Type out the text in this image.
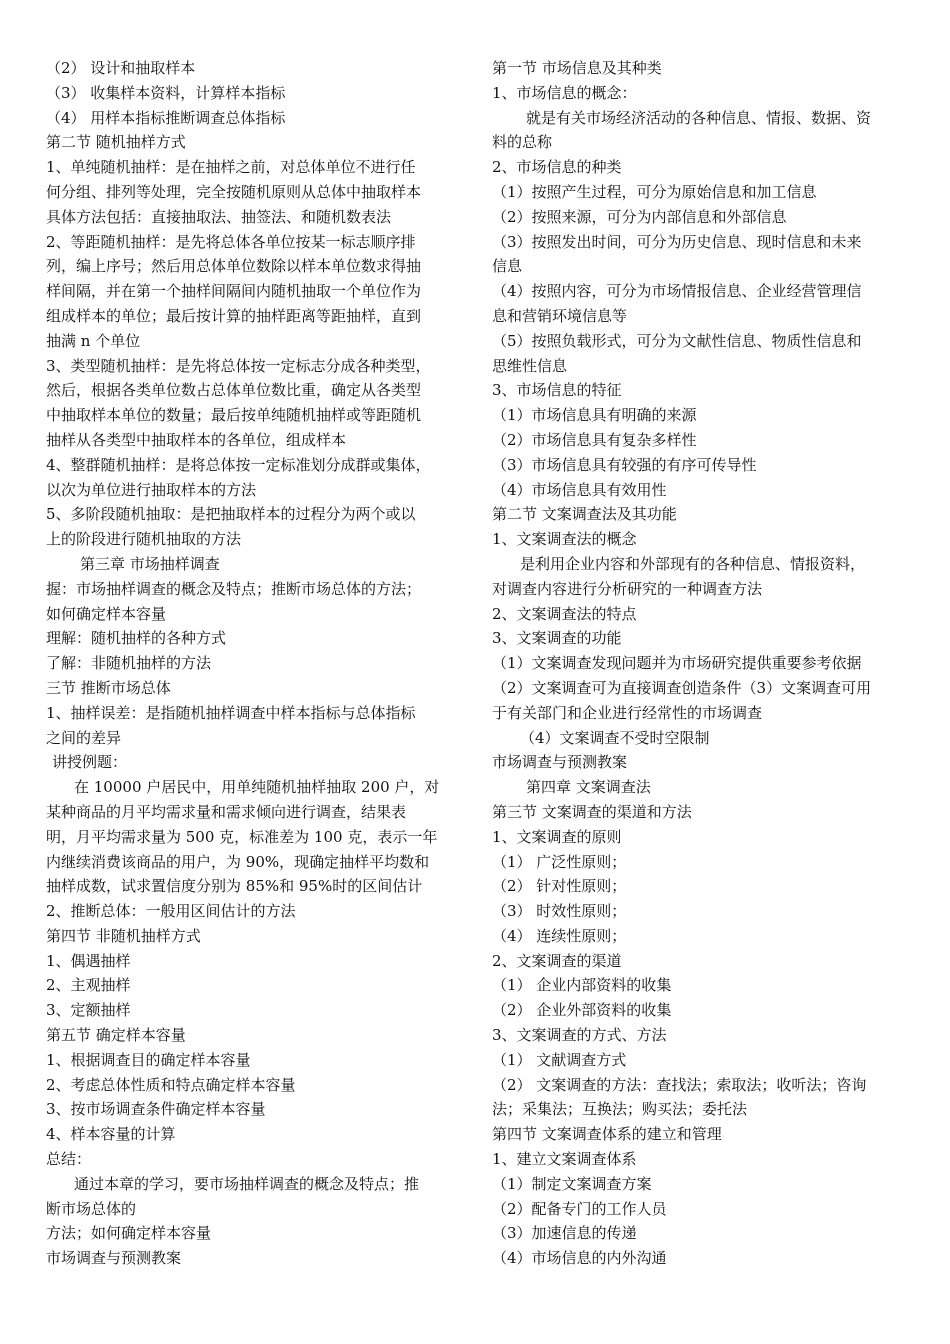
（2） 设计和抽取样本
（3） 收集样本资料，计算样本指标
（4） 用样本指标推断调查总体指标
第二节 随机抽样方式
1、单纯随机抽样：是在抽样之前，对总体单位不进行任
何分组、排列等处理，完全按随机原则从总体中抽取样本
具体方法包括：直接抽取法、抽签法、和随机数表法
2、等距随机抽样：是先将总体各单位按某一标志顺序排
列，编上序号；然后用总体单位数除以样本单位数求得抽
样间隔，并在第一个抽样间隔间内随机抽取一个单位作为
组成样本的单位；最后按计算的抽样距离等距抽样，直到
抽满 n 个单位
3、类型随机抽样：是先将总体按一定标志分成各种类型，
然后，根据各类单位数占总体单位数比重，确定从各类型
中抽取样本单位的数量；最后按单纯随机抽样或等距随机
抽样从各类型中抽取样本的各单位，组成样本
4、整群随机抽样：是将总体按一定标准划分成群或集体，
以次为单位进行抽取样本的方法
5、多阶段随机抽取：是把抽取样本的过程分为两个或以
上的阶段进行随机抽取的方法
第三章 市场抽样调查
握：市场抽样调查的概念及特点；推断市场总体的方法；
如何确定样本容量
理解：随机抽样的各种方式
了解：非随机抽样的方法
三节 推断市场总体
1、抽样误差：是指随机抽样调查中样本指标与总体指标
之间的差异
讲授例题：
在 10000 户居民中，用单纯随机抽样抽取 200 户，对
某种商品的月平均需求量和需求倾向进行调查，结果表
明，月平均需求量为 500 克，标准差为 100 克，表示一年
内继续消费该商品的用户，为 90%，现确定抽样平均数和
抽样成数，试求置信度分别为 85%和 95%时的区间估计
2、推断总体：一般用区间估计的方法
第四节 非随机抽样方式
1、偶遇抽样
2、主观抽样
3、定额抽样
第五节 确定样本容量
1、根据调查目的确定样本容量
2、考虑总体性质和特点确定样本容量
3、按市场调查条件确定样本容量
4、样本容量的计算
总结：
通过本章的学习，要市场抽样调查的概念及特点；推
断市场总体的
方法；如何确定样本容量
市场调查与预测教案
第一节 市场信息及其种类
1、市场信息的概念：
就是有关市场经济活动的各种信息、情报、数据、资
料的总称
2、市场信息的种类
（1）按照产生过程，可分为原始信息和加工信息
（2）按照来源，可分为内部信息和外部信息
（3）按照发出时间，可分为历史信息、现时信息和未来
信息
（4）按照内容，可分为市场情报信息、企业经营管理信
息和营销环境信息等
（5）按照负载形式，可分为文献性信息、物质性信息和
思维性信息
3、市场信息的特征
（1）市场信息具有明确的来源
（2）市场信息具有复杂多样性
（3）市场信息具有较强的有序可传导性
（4）市场信息具有效用性
第二节 文案调查法及其功能
1、文案调查法的概念
是利用企业内容和外部现有的各种信息、情报资料，
对调查内容进行分析研究的一种调查方法
2、文案调查法的特点
3、文案调查的功能
（1）文案调查发现问题并为市场研究提供重要参考依据
（2）文案调查可为直接调查创造条件（3）文案调查可用
于有关部门和企业进行经常性的市场调查
（4）文案调查不受时空限制
市场调查与预测教案
第四章 文案调查法
第三节 文案调查的渠道和方法
1、文案调查的原则
（1） 广泛性原则；
（2） 针对性原则；
（3） 时效性原则；
（4） 连续性原则；
2、文案调查的渠道
（1） 企业内部资料的收集
（2） 企业外部资料的收集
3、文案调查的方式、方法
（1） 文献调查方式
（2） 文案调查的方法：查找法；索取法；收听法；咨询
法；采集法；互换法；购买法；委托法
第四节 文案调查体系的建立和管理
1、建立文案调查体系
（1）制定文案调查方案
（2）配备专门的工作人员
（3）加速信息的传递
（4）市场信息的内外沟通
